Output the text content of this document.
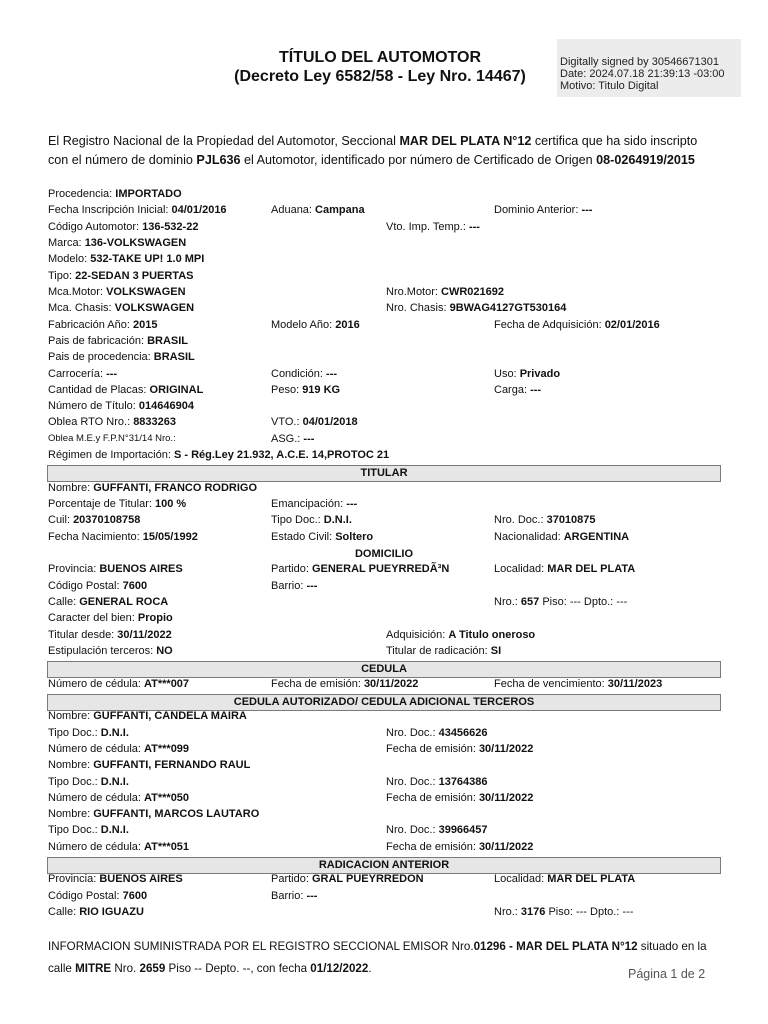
TÍTULO DEL AUTOMOTOR
(Decreto Ley 6582/58 - Ley Nro. 14467)
Digitally signed by 30546671301
Date: 2024.07.18 21:39:13 -03:00
Motivo: Titulo Digital
El Registro Nacional de la Propiedad del Automotor, Seccional MAR DEL PLATA N°12 certifica que ha sido inscripto
con el número de dominio PJL636 el Automotor, identificado por número de Certificado de Origen 08-0264919/2015
TITULAR
DOMICILIO
CEDULA
CEDULA AUTORIZADO/ CEDULA ADICIONAL TERCEROS
RADICACION ANTERIOR
Procedencia: IMPORTADO
Fecha Inscripción Inicial: 04/01/2016	Aduana: Campana	Dominio Anterior: ---
Código Automotor: 136-532-22	Vto. Imp. Temp.: ---
Marca: 136-VOLKSWAGEN
Modelo: 532-TAKE UP! 1.0 MPI
Tipo: 22-SEDAN 3 PUERTAS
Mca.Motor: VOLKSWAGEN	Nro.Motor: CWR021692
Mca. Chasis: VOLKSWAGEN	Nro. Chasis: 9BWAG4127GT530164
Fabricación Año: 2015	Modelo Año: 2016	Fecha de Adquisición: 02/01/2016
Pais de fabricación: BRASIL
Pais de procedencia: BRASIL
Carrocería: ---	Condición: ---	Uso: Privado
Cantidad de Placas: ORIGINAL	Peso: 919 KG	Carga: ---
Número de Título: 014646904
Oblea RTO Nro.: 8833263	VTO.: 04/01/2018
Oblea M.E.y F.P.N°31/14 Nro.:	ASG.: ---
Régimen de Importación: S - Rég.Ley 21.932, A.C.E. 14,PROTOC 21
Nombre: GUFFANTI, FRANCO RODRIGO
Porcentaje de Titular: 100 %	Emancipación: ---
Cuil: 20370108758	Tipo Doc.: D.N.I.	Nro. Doc.: 37010875
Fecha Nacimiento: 15/05/1992	Estado Civil: Soltero	Nacionalidad: ARGENTINA
Provincia: BUENOS AIRES	Partido: GENERAL PUEYRREDÃ³N	Localidad: MAR DEL PLATA
Código Postal: 7600	Barrio: ---
Calle: GENERAL ROCA	Nro.: 657 Piso: --- Dpto.: ---
Caracter del bien: Propio
Titular desde: 30/11/2022	Adquisición: A Titulo oneroso
Estipulación terceros: NO	Titular de radicación: SI
Número de cédula: AT***007	Fecha de emisión: 30/11/2022	Fecha de vencimiento: 30/11/2023
Nombre: GUFFANTI, CANDELA MAIRA
Tipo Doc.: D.N.I.	Nro. Doc.: 43456626
Número de cédula: AT***099	Fecha de emisión: 30/11/2022
Nombre: GUFFANTI, FERNANDO RAUL
Tipo Doc.: D.N.I.	Nro. Doc.: 13764386
Número de cédula: AT***050	Fecha de emisión: 30/11/2022
Nombre: GUFFANTI, MARCOS LAUTARO
Tipo Doc.: D.N.I.	Nro. Doc.: 39966457
Número de cédula: AT***051	Fecha de emisión: 30/11/2022
Provincia: BUENOS AIRES	Partido: GRAL PUEYRREDON	Localidad: MAR DEL PLATA
Código Postal: 7600	Barrio: ---
Calle: RIO IGUAZU	Nro.: 3176 Piso: --- Dpto.: ---
INFORMACION SUMINISTRADA POR EL REGISTRO SECCIONAL EMISOR Nro.01296 - MAR DEL PLATA N°12 situado en la
calle MITRE Nro. 2659 Piso -- Depto. --, con fecha 01/12/2022.	Página 1 de 2
